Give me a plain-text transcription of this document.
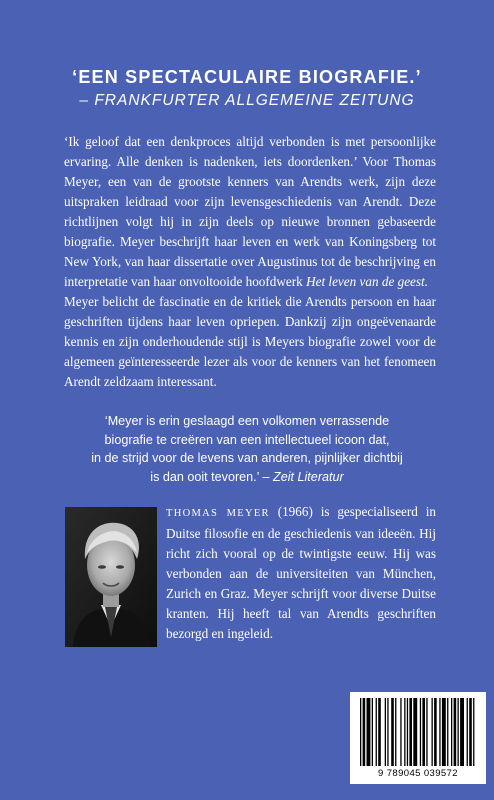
‘EEN SPECTACULAIRE BIOGRAFIE.’
– FRANKFURTER ALLGEMEINE ZEITUNG

‘Ik geloof dat een denkproces altijd verbonden is met persoonlijke ervaring. Alle denken is nadenken, iets doordenken.’ Voor Thomas Meyer, een van de grootste kenners van Arendts werk, zijn deze uitspraken leidraad voor zijn levensgeschiedenis van Arendt. Deze richtlijnen volgt hij in zijn deels op nieuwe bronnen gebaseerde biografie. Meyer beschrijft haar leven en werk van Koningsberg tot New York, van haar dissertatie over Augustinus tot de beschrijving en interpretatie van haar onvoltooide hoofdwerk Het leven van de geest.

Meyer belicht de fascinatie en de kritiek die Arendts persoon en haar geschriften tijdens haar leven opriepen. Dankzij zijn ongeëvenaarde kennis en zijn onderhoudende stijl is Meyers biografie zowel voor de algemeen geïnteresseerde lezer als voor de kenners van het fenomeen Arendt zeldzaam interessant.

‘Meyer is erin geslaagd een volkomen verrassende
biografie te creëren van een intellectueel icoon dat,
in de strijd voor de levens van anderen, pijnlijker dichtbij
is dan ooit tevoren.’ – Zeit Literatur
THOMAS MEYER (1966) is gespecialiseerd in Duitse filosofie en de geschiedenis van ideeën. Hij richt zich vooral op de twintigste eeuw. Hij was verbonden aan de universiteiten van München, Zurich en Graz. Meyer schrijft voor diverse Duitse kranten. Hij heeft tal van Arendts geschriften bezorgd en ingeleid.
9 789045 039572
